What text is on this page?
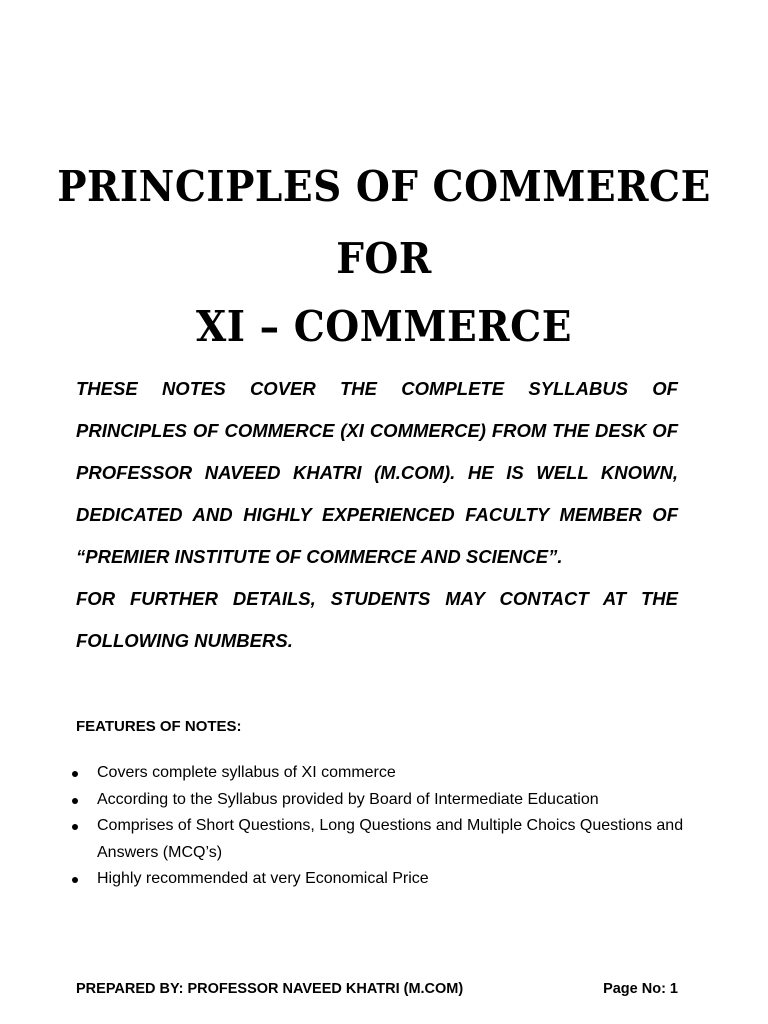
PRINCIPLES OF COMMERCE
FOR
XI – COMMERCE

THESE NOTES COVER THE COMPLETE SYLLABUS OF PRINCIPLES OF COMMERCE (XI COMMERCE) FROM THE DESK OF PROFESSOR NAVEED KHATRI (M.COM). HE IS WELL KNOWN, DEDICATED AND HIGHLY EXPERIENCED FACULTY MEMBER OF “PREMIER INSTITUTE OF COMMERCE AND SCIENCE”.

FOR FURTHER DETAILS, STUDENTS MAY CONTACT AT THE FOLLOWING NUMBERS.

FEATURES OF NOTES:
Covers complete syllabus of XI commerce
According to the Syllabus provided by Board of Intermediate Education
Comprises of Short Questions, Long Questions and Multiple Choics Questions and Answers (MCQ’s)
Highly recommended at very Economical Price
PREPARED BY: PROFESSOR NAVEED KHATRI (M.COM)	Page No: 1
